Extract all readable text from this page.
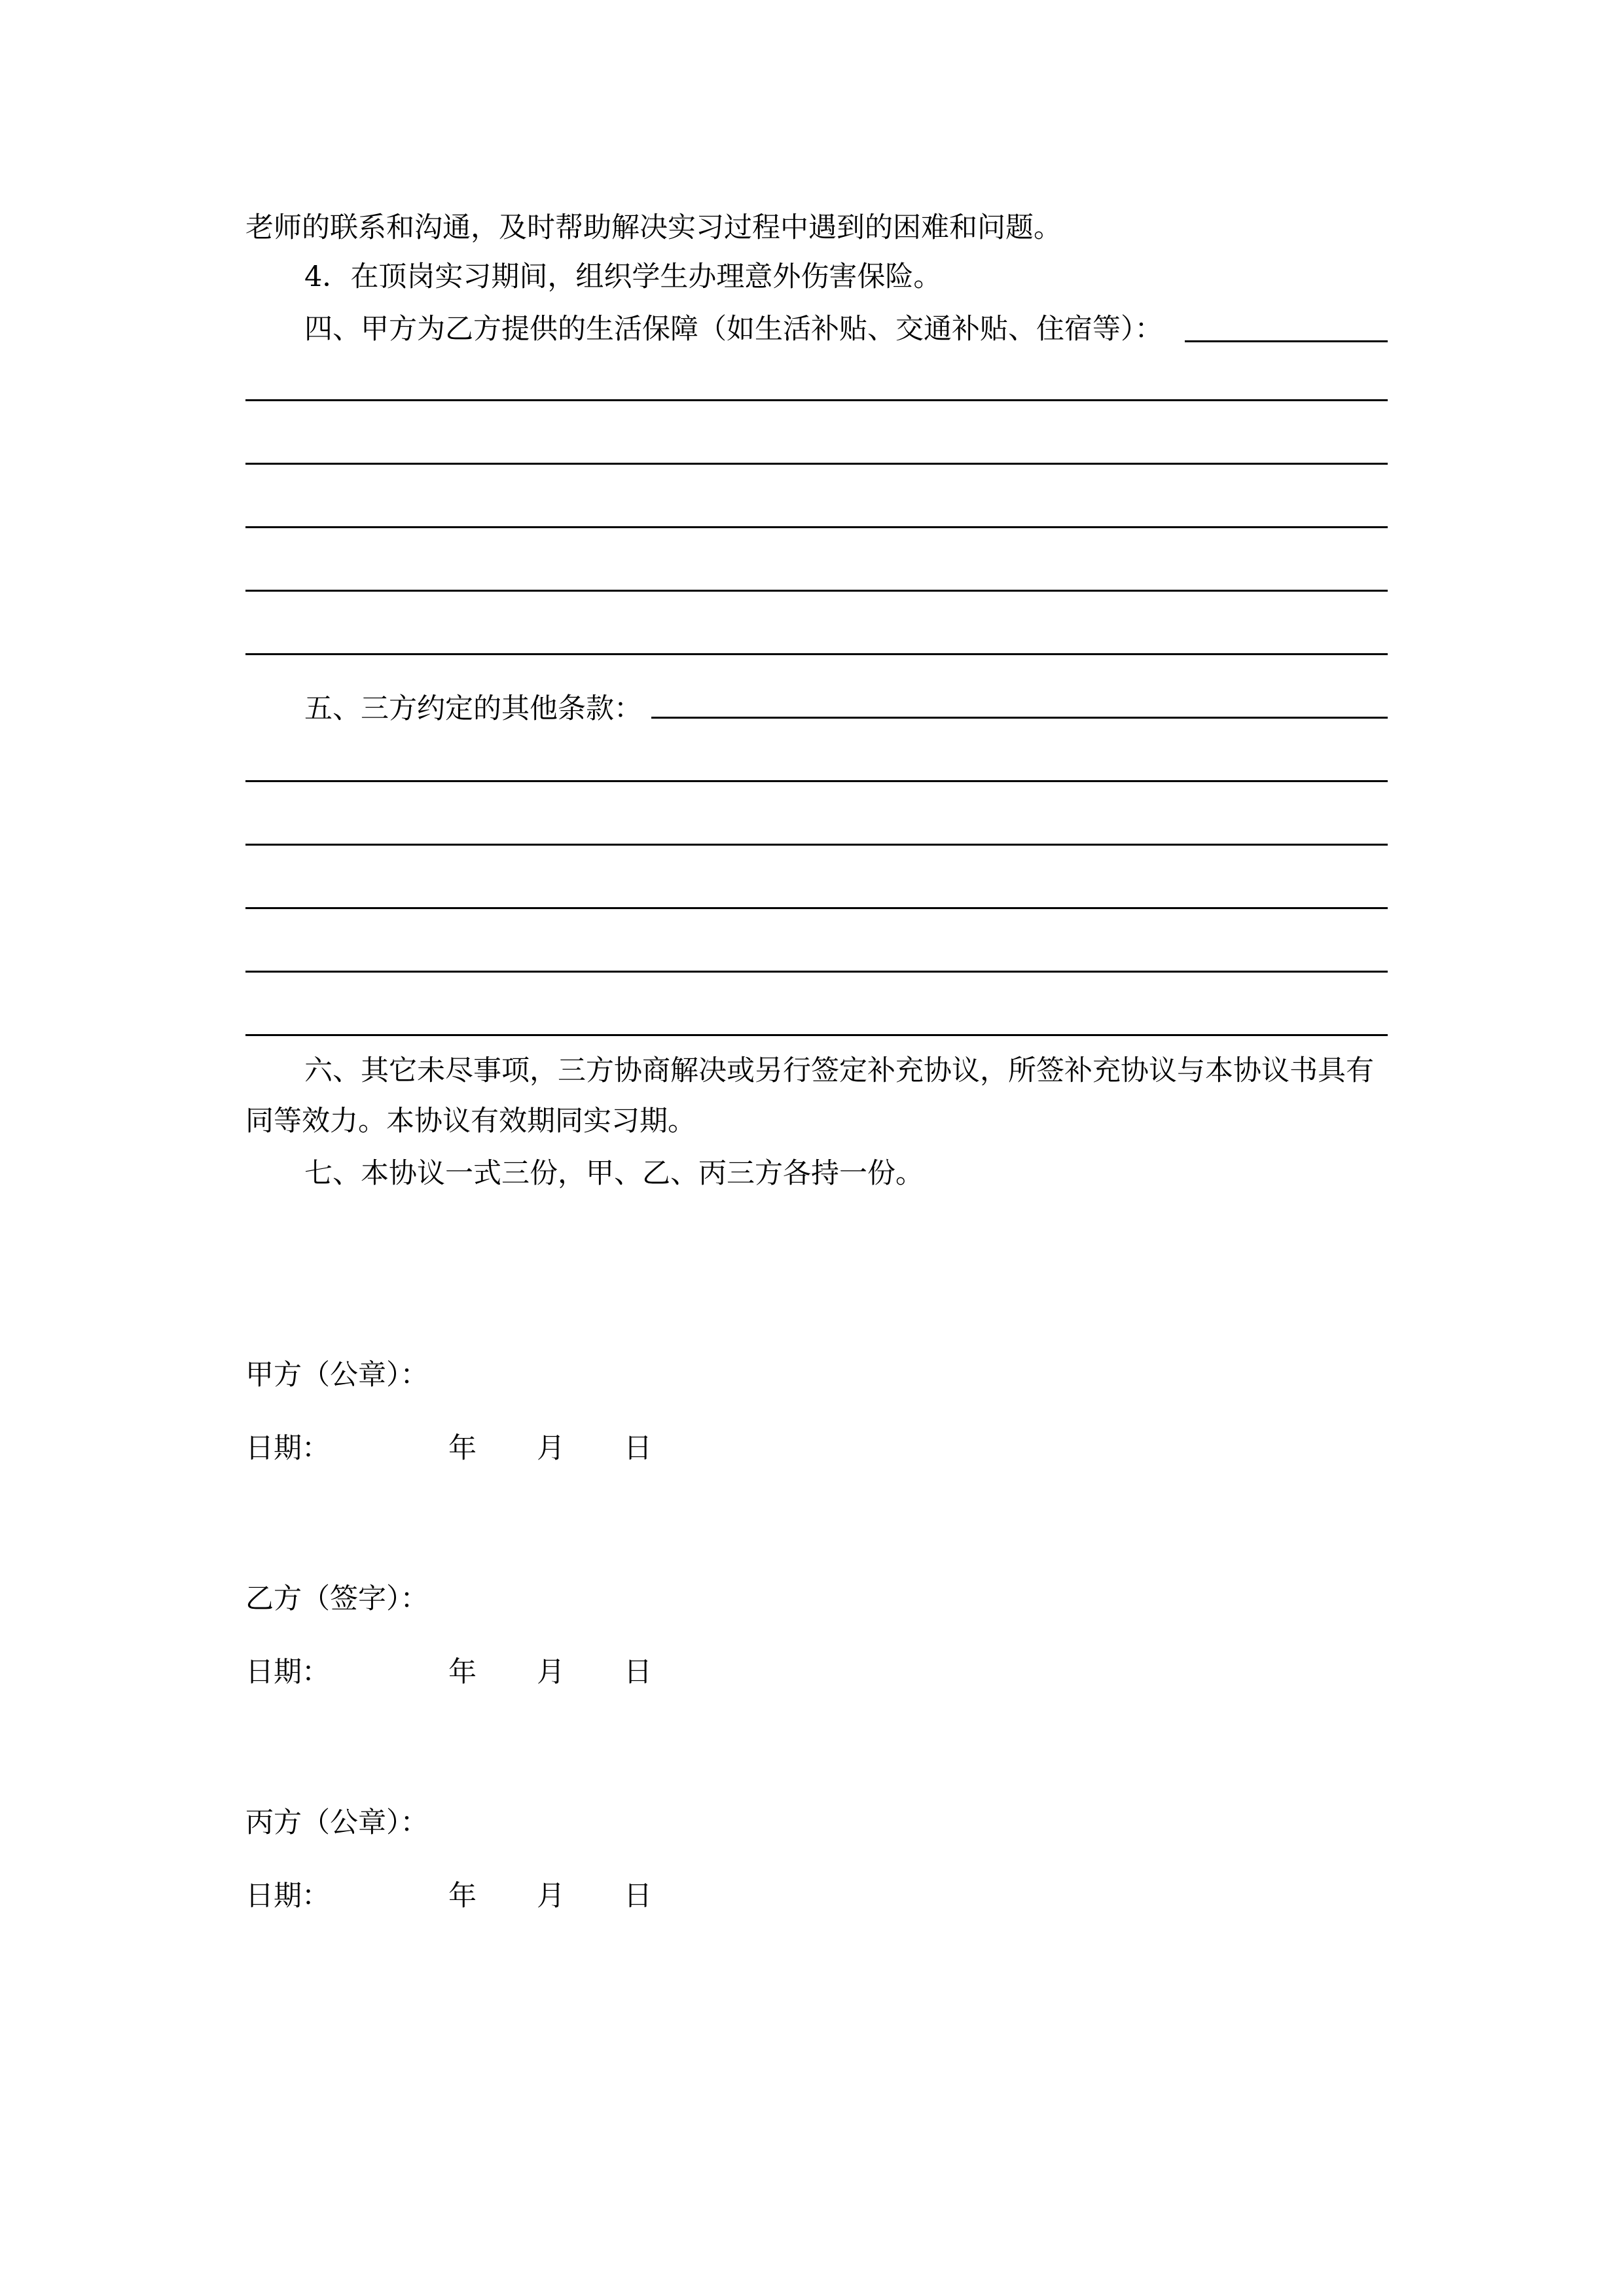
老师的联系和沟通，及时帮助解决实习过程中遇到的困难和问题。
4．在顶岗实习期间，组织学生办理意外伤害保险。
四、甲方为乙方提供的生活保障（如生活补贴、交通补贴、住宿等）：
五、三方约定的其他条款：
六、其它未尽事项，三方协商解决或另行签定补充协议，所签补充协议与本协议书具有
同等效力。本协议有效期同实习期。
七、本协议一式三份，甲、乙、丙三方各持一份。
甲方（公章）：
日期：	年 月 日
乙方（签字）：
日期：	年 月 日
丙方（公章）：
日期：	年 月 日
